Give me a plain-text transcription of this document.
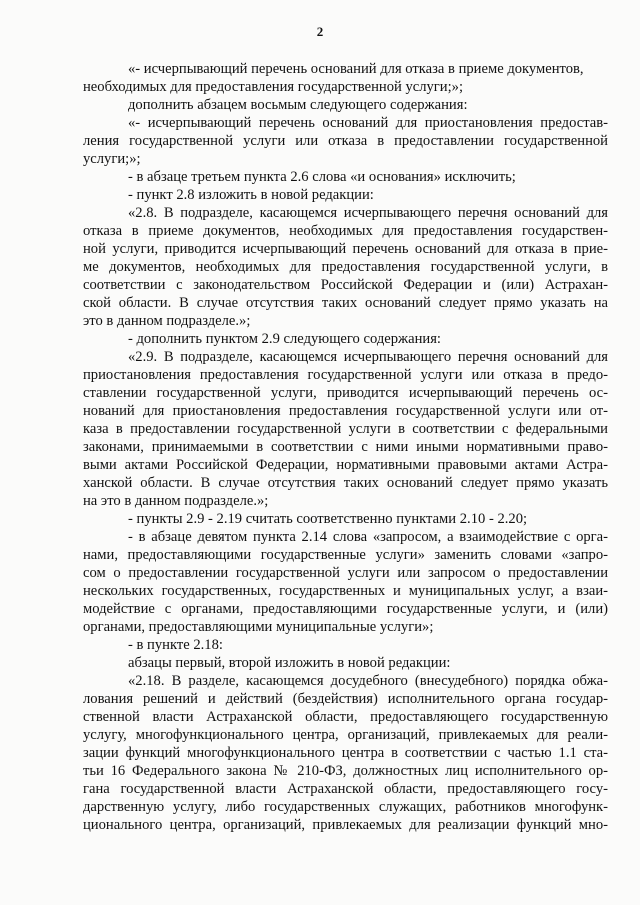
2
«- исчерпывающий перечень оснований для отказа в приеме документов,
необходимых для предоставления государственной услуги;»;
дополнить абзацем восьмым следующего содержания:
«- исчерпывающий перечень оснований для приостановления предостав-
ления государственной услуги или отказа в предоставлении государственной
услуги;»;
- в абзаце третьем пункта 2.6 слова «и основания» исключить;
- пункт 2.8 изложить в новой редакции:
«2.8. В подразделе, касающемся исчерпывающего перечня оснований для
отказа в приеме документов, необходимых для предоставления государствен-
ной услуги, приводится исчерпывающий перечень оснований для отказа в прие-
ме документов, необходимых для предоставления государственной услуги, в
соответствии с законодательством Российской Федерации и (или) Астрахан-
ской области. В случае отсутствия таких оснований следует прямо указать на
это в данном подразделе.»;
- дополнить пунктом 2.9 следующего содержания:
«2.9. В подразделе, касающемся исчерпывающего перечня оснований для
приостановления предоставления государственной услуги или отказа в предо-
ставлении государственной услуги, приводится исчерпывающий перечень ос-
нований для приостановления предоставления государственной услуги или от-
каза в предоставлении государственной услуги в соответствии с федеральными
законами, принимаемыми в соответствии с ними иными нормативными право-
выми актами Российской Федерации, нормативными правовыми актами Астра-
ханской области. В случае отсутствия таких оснований следует прямо указать
на это в данном подразделе.»;
- пункты 2.9 - 2.19 считать соответственно пунктами 2.10 - 2.20;
- в абзаце девятом пункта 2.14 слова «запросом, а взаимодействие с орга-
нами, предоставляющими государственные услуги» заменить словами «запро-
сом о предоставлении государственной услуги или запросом о предоставлении
нескольких государственных, государственных и муниципальных услуг, а взаи-
модействие с органами, предоставляющими государственные услуги, и (или)
органами, предоставляющими муниципальные услуги»;
- в пункте 2.18:
абзацы первый, второй изложить в новой редакции:
«2.18. В разделе, касающемся досудебного (внесудебного) порядка обжа-
лования решений и действий (бездействия) исполнительного органа государ-
ственной власти Астраханской области, предоставляющего государственную
услугу, многофункционального центра, организаций, привлекаемых для реали-
зации функций многофункционального центра в соответствии с частью 1.1 ста-
тьи 16 Федерального закона № 210-ФЗ, должностных лиц исполнительного ор-
гана государственной власти Астраханской области, предоставляющего госу-
дарственную услугу, либо государственных служащих, работников многофунк-
ционального центра, организаций, привлекаемых для реализации функций мно-
